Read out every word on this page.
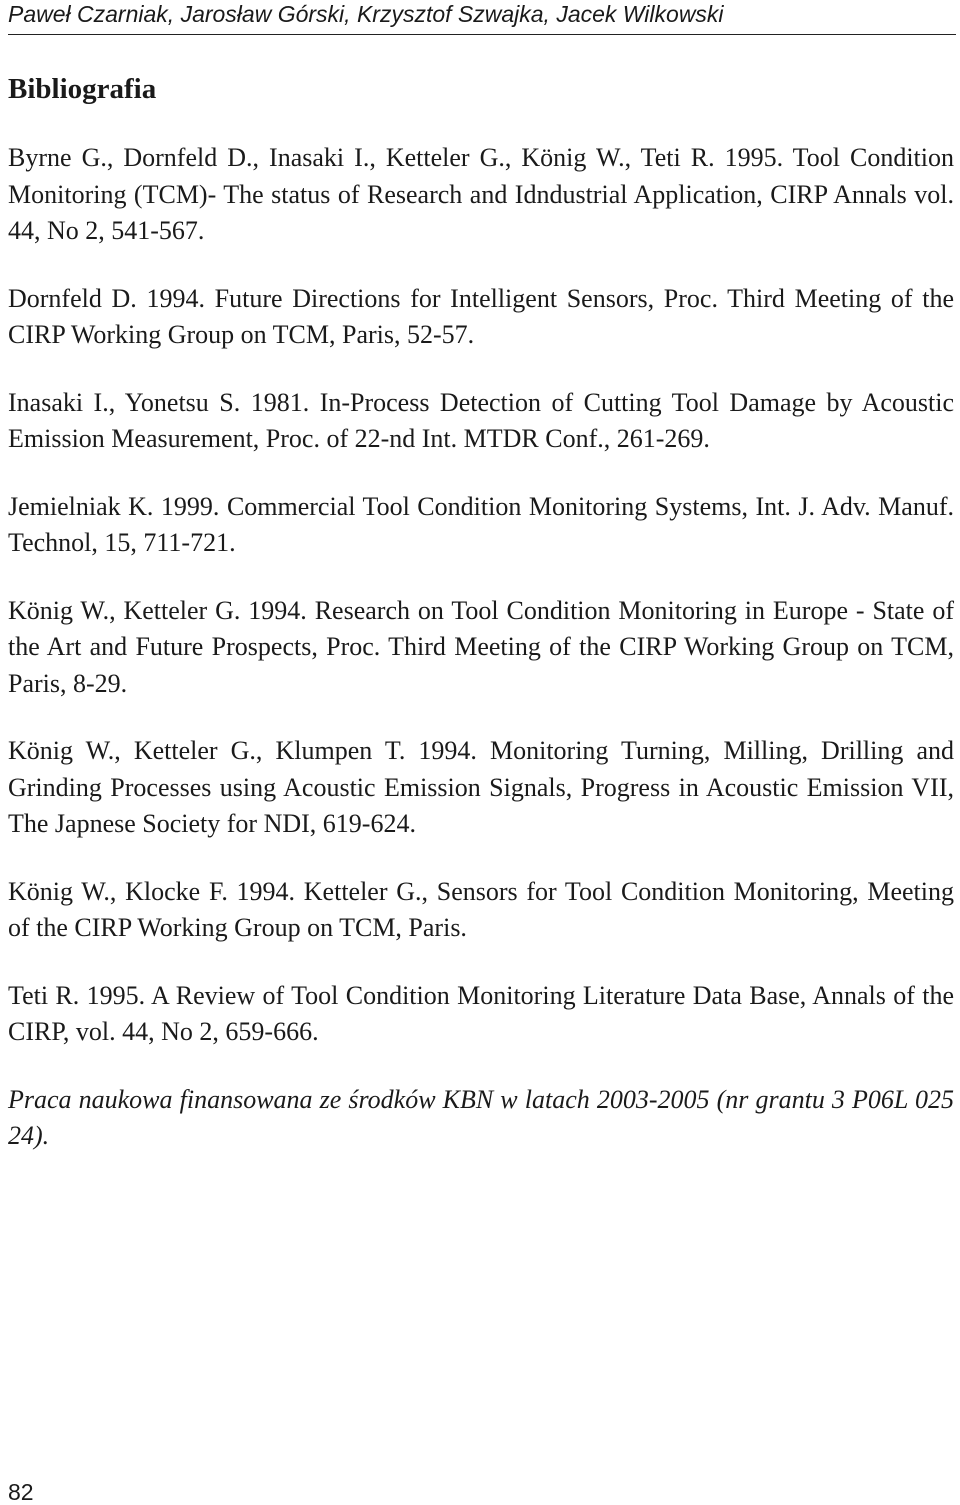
Paweł Czarniak, Jarosław Górski, Krzysztof Szwajka, Jacek Wilkowski
Bibliografia

Byrne G., Dornfeld D., Inasaki I., Ketteler G., König W., Teti R. 1995. Tool Condition Monitoring (TCM)- The status of Research and Idndustrial Application, CIRP Annals vol. 44, No 2, 541-567.

Dornfeld D. 1994. Future Directions for Intelligent Sensors, Proc. Third Meeting of the CIRP Working Group on TCM, Paris, 52-57.

Inasaki I., Yonetsu S. 1981. In-Process Detection of Cutting Tool Damage by Acoustic Emission Measurement, Proc. of 22-nd Int. MTDR Conf., 261-269.

Jemielniak K. 1999. Commercial Tool Condition Monitoring Systems, Int. J. Adv. Manuf. Technol, 15, 711-721.

König W., Ketteler G. 1994. Research on Tool Condition Monitoring in Europe - State of the Art and Future Prospects, Proc. Third Meeting of the CIRP Working Group on TCM, Paris, 8-29.

König W., Ketteler G., Klumpen T. 1994. Monitoring Turning, Milling, Drilling and Grinding Processes using Acoustic Emission Signals, Progress in Acoustic Emission VII, The Japnese Society for NDI, 619-624.

König W., Klocke F. 1994. Ketteler G., Sensors for Tool Condition Monitoring, Meeting of the CIRP Working Group on TCM, Paris.

Teti R. 1995. A Review of Tool Condition Monitoring Literature Data Base, Annals of the CIRP, vol. 44, No 2, 659-666.

Praca naukowa finansowana ze środków KBN w latach 2003-2005 (nr grantu 3 P06L 025 24).

82
